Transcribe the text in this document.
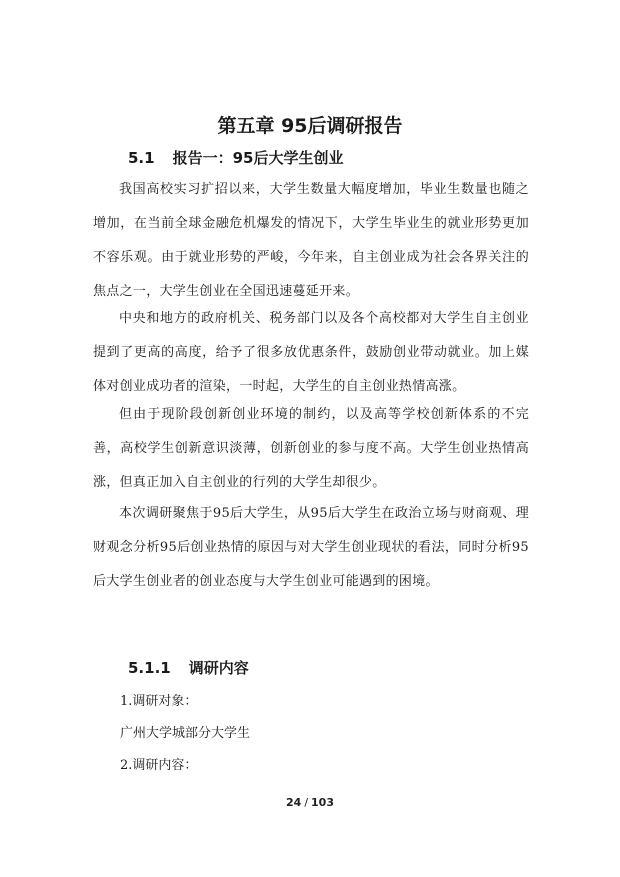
第五章 95后调研报告
5.1 报告一：95后大学生创业

我国高校实习扩招以来，大学生数量大幅度增加，毕业生数量也随之增加，在当前全球金融危机爆发的情况下，大学生毕业生的就业形势更加不容乐观。由于就业形势的严峻，今年来，自主创业成为社会各界关注的焦点之一，大学生创业在全国迅速蔓延开来。

中央和地方的政府机关、税务部门以及各个高校都对大学生自主创业提到了更高的高度，给予了很多放优惠条件，鼓励创业带动就业。加上媒体对创业成功者的渲染，一时起，大学生的自主创业热情高涨。

但由于现阶段创新创业环境的制约，以及高等学校创新体系的不完善，高校学生创新意识淡薄，创新创业的参与度不高。大学生创业热情高涨，但真正加入自主创业的行列的大学生却很少。

本次调研聚焦于95后大学生，从95后大学生在政治立场与财商观、理财观念分析95后创业热情的原因与对大学生创业现状的看法，同时分析95后大学生创业者的创业态度与大学生创业可能遇到的困境。

5.1.1 调研内容

1.调研对象：

广州大学城部分大学生

2.调研内容：

24 / 103
